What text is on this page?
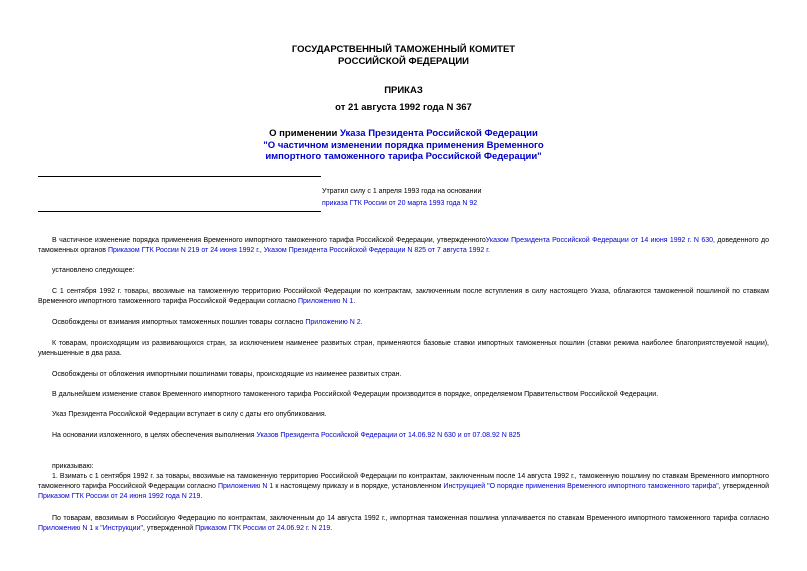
ГОСУДАРСТВЕННЫЙ ТАМОЖЕННЫЙ КОМИТЕТ
РОССИЙСКОЙ ФЕДЕРАЦИИ
ПРИКАЗ
от 21 августа 1992 года N 367
О применении Указа Президента Российской Федерации
"О частичном изменении порядка применения Временного
импортного таможенного тарифа Российской Федерации"
Утратил силу с 1 апреля 1993 года на основании
приказа ГТК России от 20 марта 1993 года N 92
В частичное изменение порядка применения Временного импортного таможенного тарифа Российской Федерации, утвержденногоУказом Президента Российской Федерации от 14 июня 1992 г. N 630, доведенного до таможенных органов Приказом ГТК России N 219 от 24 июня 1992 г., Указом Президента Российской Федерации N 825 от 7 августа 1992 г.
установлено следующее:
С 1 сентября 1992 г. товары, ввозимые на таможенную территорию Российской Федерации по контрактам, заключенным после вступления в силу настоящего Указа, облагаются таможенной пошлиной по ставкам Временного импортного таможенного тарифа Российской Федерации согласно Приложению N 1.
Освобождены от взимания импортных таможенных пошлин товары согласно Приложению N 2.
К товарам, происходящим из развивающихся стран, за исключением наименее развитых стран, применяются базовые ставки импортных таможенных пошлин (ставки режима наиболее благоприятствуемой нации), уменьшенные в два раза.
Освобождены от обложения импортными пошлинами товары, происходящие из наименее развитых стран.
В дальнейшем изменение ставок Временного импортного таможенного тарифа Российской Федерации производится в порядке, определяемом Правительством Российской Федерации.
Указ Президента Российской Федерации вступает в силу с даты его опубликования.
На основании изложенного, в целях обеспечения выполнения Указов Президента Российской Федерации от 14.06.92 N 630 и от 07.08.92 N 825
приказываю:
1. Взимать с 1 сентября 1992 г. за товары, ввозимые на таможенную территорию Российской Федерации по контрактам, заключенным после 14 августа 1992 г., таможенную пошлину по ставкам Временного импортного таможенного тарифа Российской Федерации согласно Приложению N 1 к настоящему приказу и в порядке, установленном Инструкцией "О порядке применения Временного импортного таможенного тарифа", утвержденной Приказом ГТК России от 24 июня 1992 года N 219.
По товарам, ввозимым в Российскую Федерацию по контрактам, заключенным до 14 августа 1992 г., импортная таможенная пошлина уплачивается по ставкам Временного импортного таможенного тарифа согласно Приложению N 1 к "Инструкции", утвержденной Приказом ГТК России от 24.06.92 г. N 219.
